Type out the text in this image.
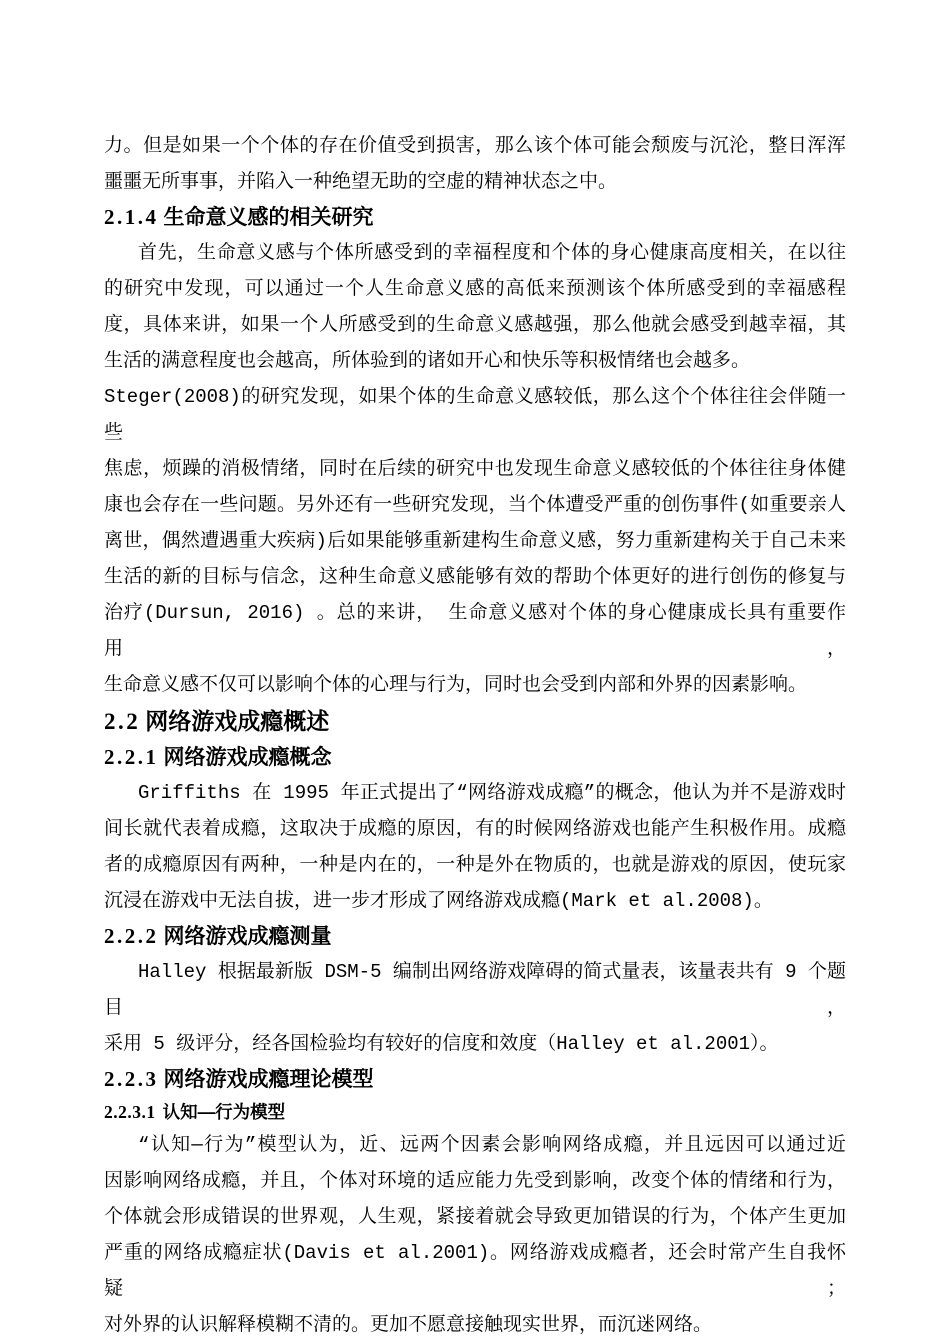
力。但是如果一个个体的存在价值受到损害，那么该个体可能会颓废与沉沦，整日浑浑
噩噩无所事事，并陷入一种绝望无助的空虚的精神状态之中。
2.1.4 生命意义感的相关研究
首先，生命意义感与个体所感受到的幸福程度和个体的身心健康高度相关，在以往
的研究中发现，可以通过一个人生命意义感的高低来预测该个体所感受到的幸福感程
度，具体来讲，如果一个人所感受到的生命意义感越强，那么他就会感受到越幸福，其
生活的满意程度也会越高，所体验到的诸如开心和快乐等积极情绪也会越多。
Steger(2008)的研究发现，如果个体的生命意义感较低，那么这个个体往往会伴随一些
焦虑，烦躁的消极情绪，同时在后续的研究中也发现生命意义感较低的个体往往身体健
康也会存在一些问题。另外还有一些研究发现，当个体遭受严重的创伤事件(如重要亲人
离世，偶然遭遇重大疾病)后如果能够重新建构生命意义感，努力重新建构关于自己未来
生活的新的目标与信念，这种生命意义感能够有效的帮助个体更好的进行创伤的修复与
治疗(Dursun, 2016) 。总的来讲， 生命意义感对个体的身心健康成长具有重要作用，
生命意义感不仅可以影响个体的心理与行为，同时也会受到内部和外界的因素影响。
2.2 网络游戏成瘾概述
2.2.1 网络游戏成瘾概念
Griffiths 在 1995 年正式提出了“网络游戏成瘾”的概念，他认为并不是游戏时
间长就代表着成瘾，这取决于成瘾的原因，有的时候网络游戏也能产生积极作用。成瘾
者的成瘾原因有两种，一种是内在的，一种是外在物质的，也就是游戏的原因，使玩家
沉浸在游戏中无法自拔，进一步才形成了网络游戏成瘾(Mark et al.2008)。
2.2.2 网络游戏成瘾测量
Halley 根据最新版 DSM-5 编制出网络游戏障碍的简式量表，该量表共有 9 个题目，
采用 5 级评分，经各国检验均有较好的信度和效度（Halley et al.2001）。
2.2.3 网络游戏成瘾理论模型
2.2.3.1 认知—行为模型
“认知—行为”模型认为，近、远两个因素会影响网络成瘾，并且远因可以通过近
因影响网络成瘾，并且，个体对环境的适应能力先受到影响，改变个体的情绪和行为，
个体就会形成错误的世界观，人生观，紧接着就会导致更加错误的行为，个体产生更加
严重的网络成瘾症状(Davis et al.2001)。网络游戏成瘾者，还会时常产生自我怀疑；
对外界的认识解释模糊不清的。更加不愿意接触现实世界，而沉迷网络。
